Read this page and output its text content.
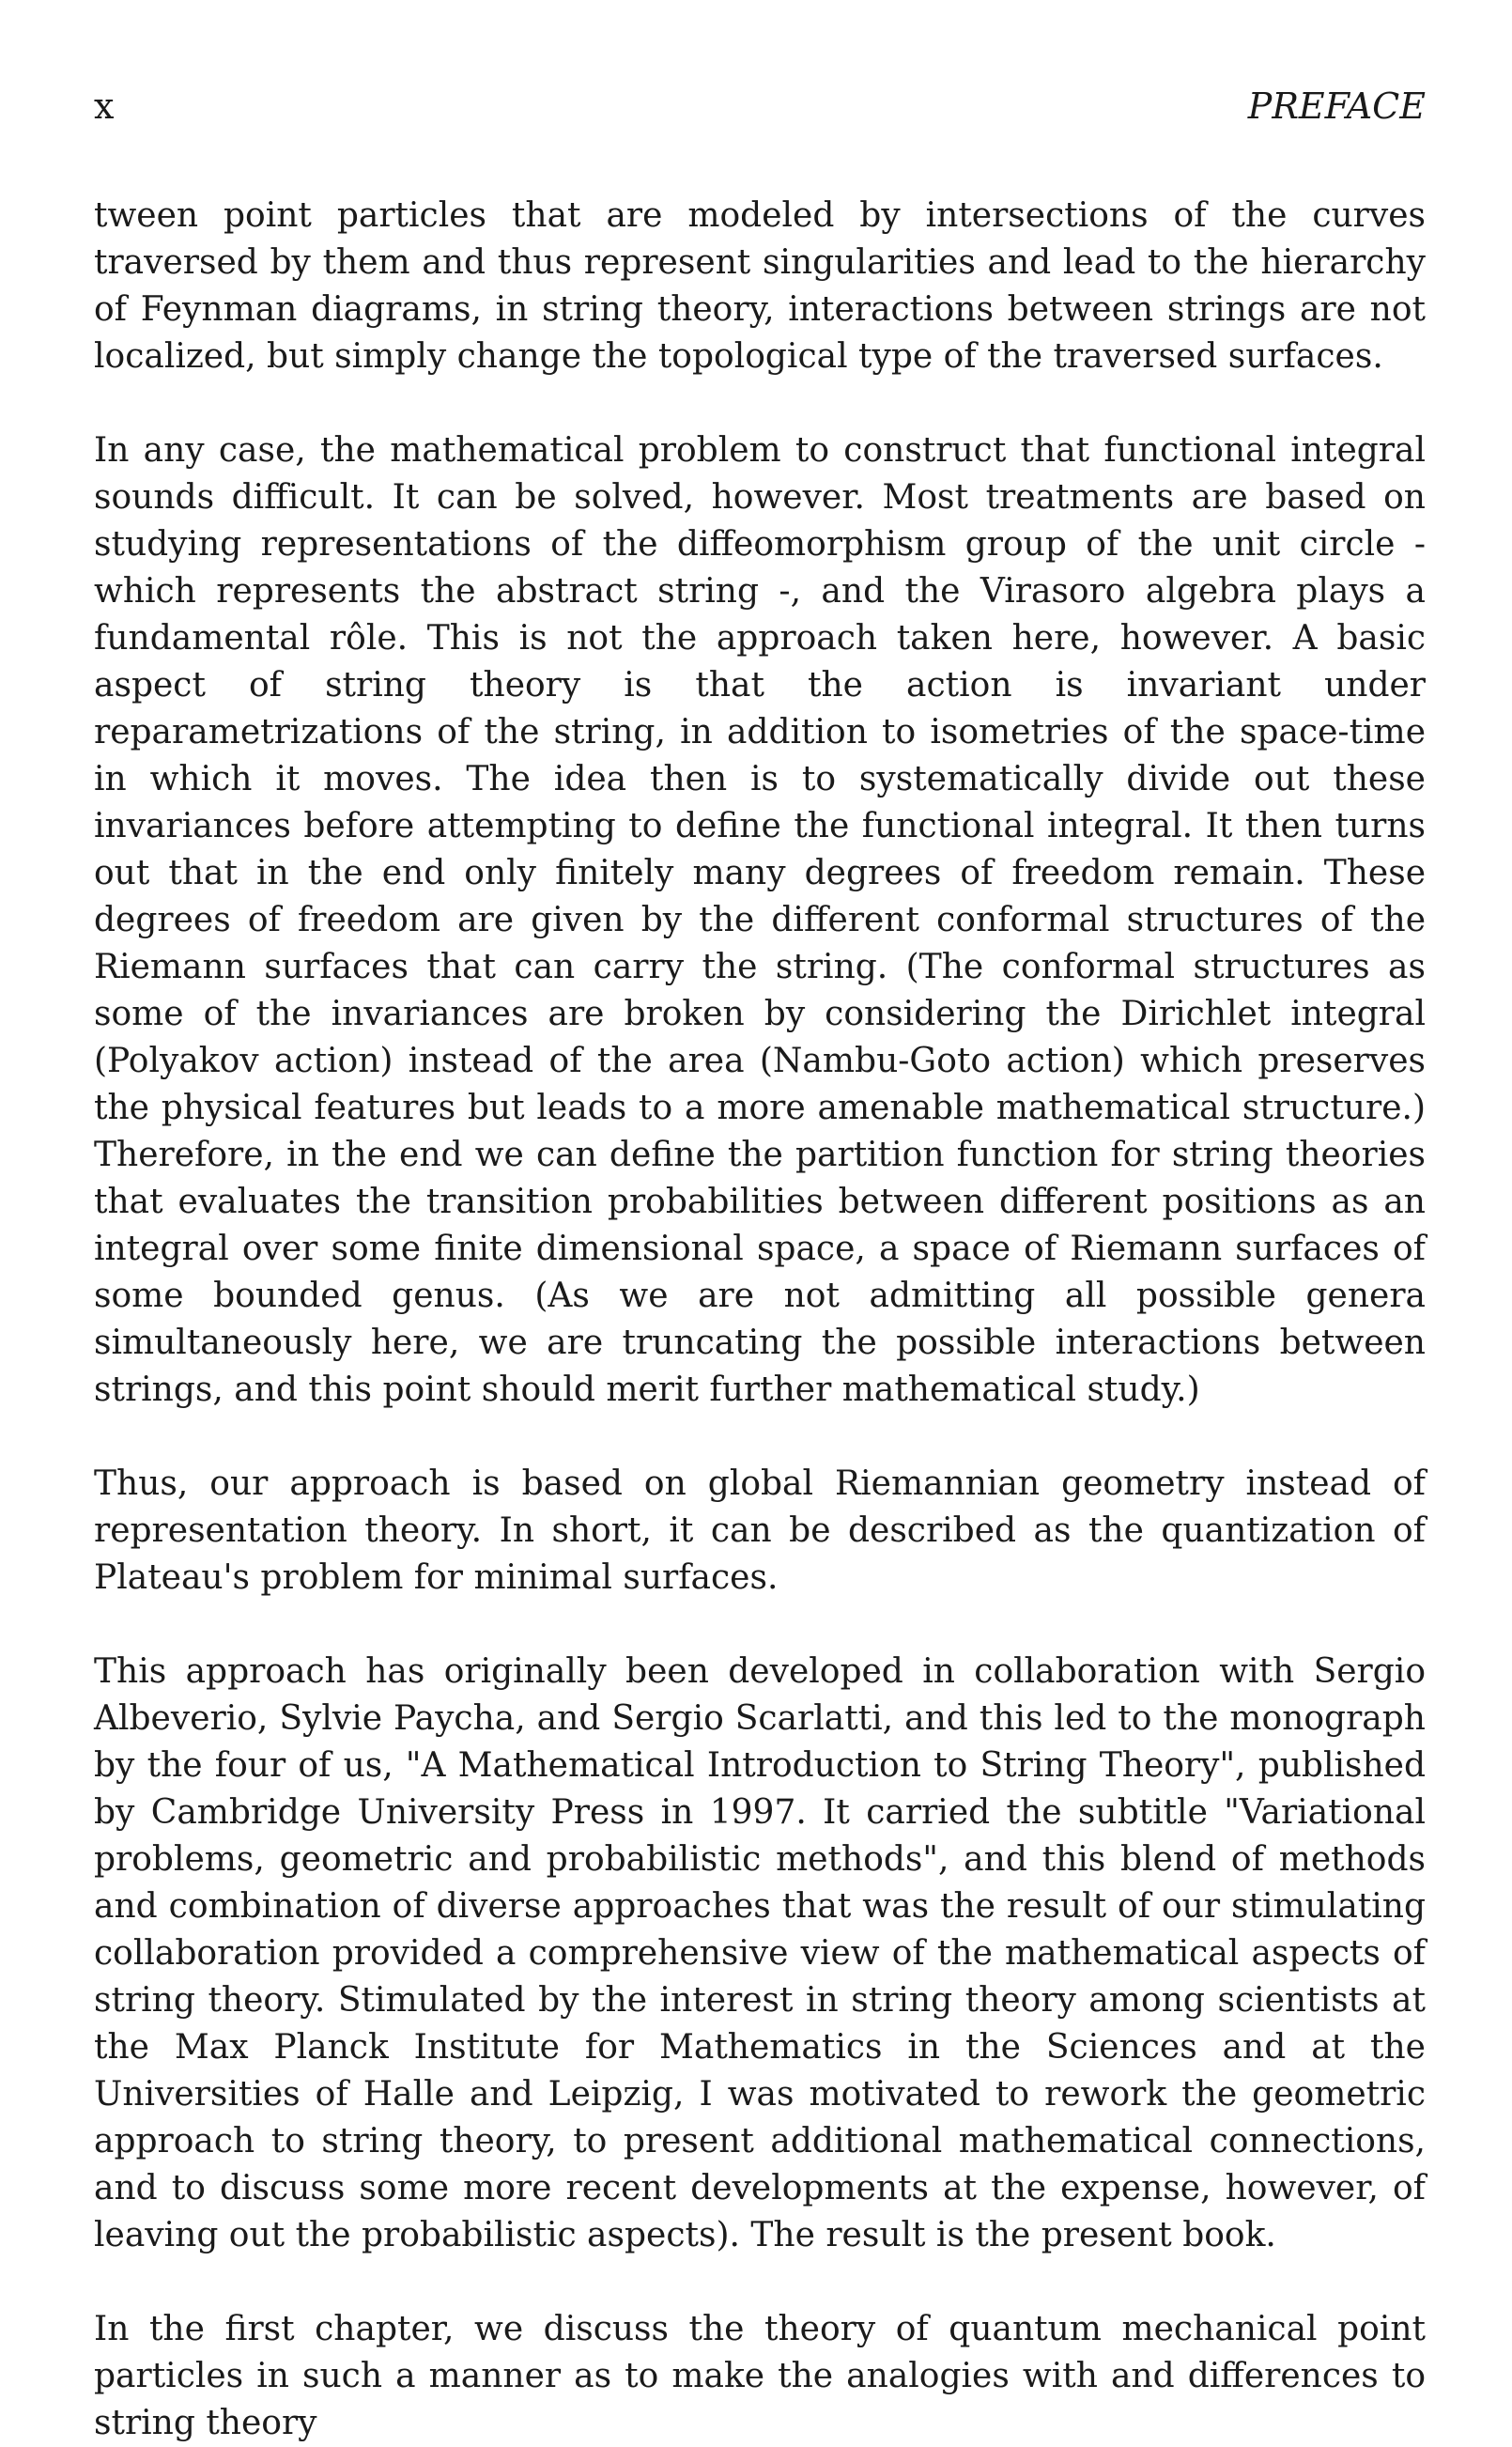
x	PREFACE

tween point particles that are modeled by intersections of the curves traversed by them and thus represent singularities and lead to the hierarchy of Feynman diagrams, in string theory, interactions between strings are not localized, but simply change the topological type of the traversed surfaces.

In any case, the mathematical problem to construct that functional integral sounds difficult. It can be solved, however. Most treatments are based on studying representations of the diffeomorphism group of the unit circle - which represents the abstract string -, and the Virasoro algebra plays a fundamental rôle. This is not the approach taken here, however. A basic aspect of string theory is that the action is invariant under reparametrizations of the string, in addition to isometries of the space-time in which it moves. The idea then is to systematically divide out these invariances before attempting to define the functional integral. It then turns out that in the end only finitely many degrees of freedom remain. These degrees of freedom are given by the different conformal structures of the Riemann surfaces that can carry the string. (The conformal structures as some of the invariances are broken by considering the Dirichlet integral (Polyakov action) instead of the area (Nambu-Goto action) which preserves the physical features but leads to a more amenable mathematical structure.) Therefore, in the end we can define the partition function for string theories that evaluates the transition probabilities between different positions as an integral over some finite dimensional space, a space of Riemann surfaces of some bounded genus. (As we are not admitting all possible genera simultaneously here, we are truncating the possible interactions between strings, and this point should merit further mathematical study.)

Thus, our approach is based on global Riemannian geometry instead of representation theory. In short, it can be described as the quantization of Plateau's problem for minimal surfaces.

This approach has originally been developed in collaboration with Sergio Albeverio, Sylvie Paycha, and Sergio Scarlatti, and this led to the monograph by the four of us, "A Mathematical Introduction to String Theory", published by Cambridge University Press in 1997. It carried the subtitle "Variational problems, geometric and probabilistic methods", and this blend of methods and combination of diverse approaches that was the result of our stimulating collaboration provided a comprehensive view of the mathematical aspects of string theory. Stimulated by the interest in string theory among scientists at the Max Planck Institute for Mathematics in the Sciences and at the Universities of Halle and Leipzig, I was motivated to rework the geometric approach to string theory, to present additional mathematical connections, and to discuss some more recent developments at the expense, however, of leaving out the probabilistic aspects). The result is the present book.

In the first chapter, we discuss the theory of quantum mechanical point particles in such a manner as to make the analogies with and differences to string theory
